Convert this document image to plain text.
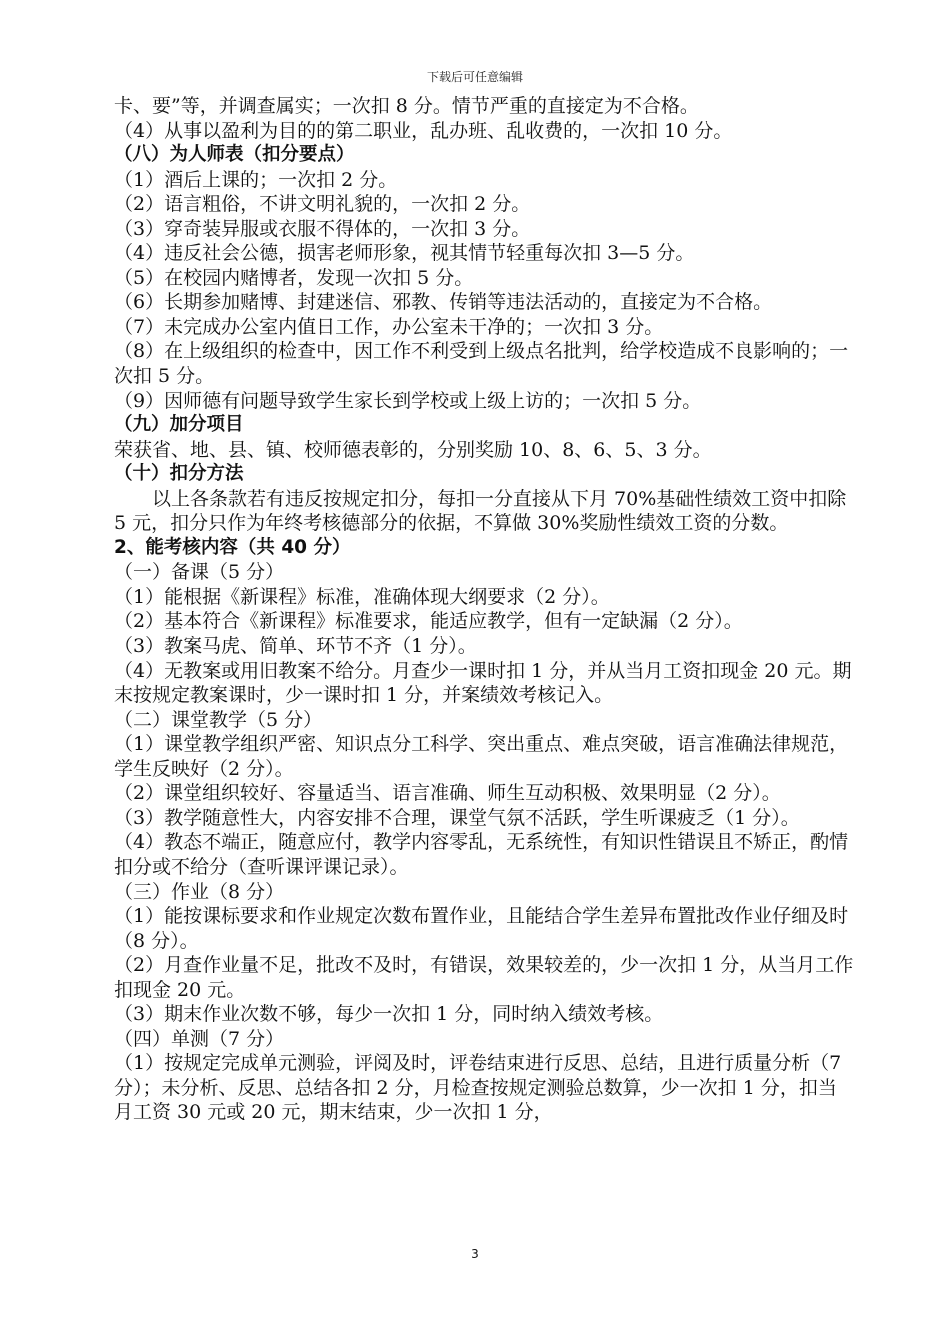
下载后可任意编辑

卡、要”等，并调查属实；一次扣 8 分。情节严重的直接定为不合格。

（4）从事以盈利为目的的第二职业，乱办班、乱收费的，一次扣 10 分。

（八）为人师表（扣分要点）

（1）酒后上课的；一次扣 2 分。

（2）语言粗俗，不讲文明礼貌的，一次扣 2 分。

（3）穿奇装异服或衣服不得体的，一次扣 3 分。

（4）违反社会公德，损害老师形象，视其情节轻重每次扣 3—5 分。

（5）在校园内赌博者，发现一次扣 5 分。

（6）长期参加赌博、封建迷信、邪教、传销等违法活动的，直接定为不合格。

（7）未完成办公室内值日工作，办公室未干净的；一次扣 3 分。

（8）在上级组织的检查中，因工作不利受到上级点名批判，给学校造成不良影响的；一次扣 5 分。

（9）因师德有问题导致学生家长到学校或上级上访的；一次扣 5 分。

（九）加分项目

荣获省、地、县、镇、校师德表彰的，分别奖励 10、8、6、5、3 分。

（十）扣分方法

以上各条款若有违反按规定扣分，每扣一分直接从下月 70%基础性绩效工资中扣除 5 元，扣分只作为年终考核德部分的依据，不算做 30%奖励性绩效工资的分数。

2、能考核内容（共 40 分）

（一）备课（5 分）

（1）能根据《新课程》标准，准确体现大纲要求（2 分）。

（2）基本符合《新课程》标准要求，能适应教学，但有一定缺漏（2 分）。

（3）教案马虎、简单、环节不齐（1 分）。

（4）无教案或用旧教案不给分。月查少一课时扣 1 分，并从当月工资扣现金 20 元。期末按规定教案课时，少一课时扣 1 分，并案绩效考核记入。

（二）课堂教学（5 分）

（1）课堂教学组织严密、知识点分工科学、突出重点、难点突破，语言准确法律规范，学生反映好（2 分）。

（2）课堂组织较好、容量适当、语言准确、师生互动积极、效果明显（2 分）。

（3）教学随意性大，内容安排不合理，课堂气氛不活跃，学生听课疲乏（1 分）。

（4）教态不端正，随意应付，教学内容零乱，无系统性，有知识性错误且不矫正，酌情扣分或不给分（查听课评课记录）。

（三）作业（8 分）

（1）能按课标要求和作业规定次数布置作业，且能结合学生差异布置批改作业仔细及时（8 分）。

（2）月查作业量不足，批改不及时，有错误，效果较差的，少一次扣 1 分，从当月工作扣现金 20 元。

（3）期末作业次数不够，每少一次扣 1 分，同时纳入绩效考核。

（四）单测（7 分）

（1）按规定完成单元测验，评阅及时，评卷结束进行反思、总结，且进行质量分析（7 分）；未分析、反思、总结各扣 2 分，月检查按规定测验总数算，少一次扣 1 分，扣当月工资 30 元或 20 元，期末结束，少一次扣 1 分，

3
